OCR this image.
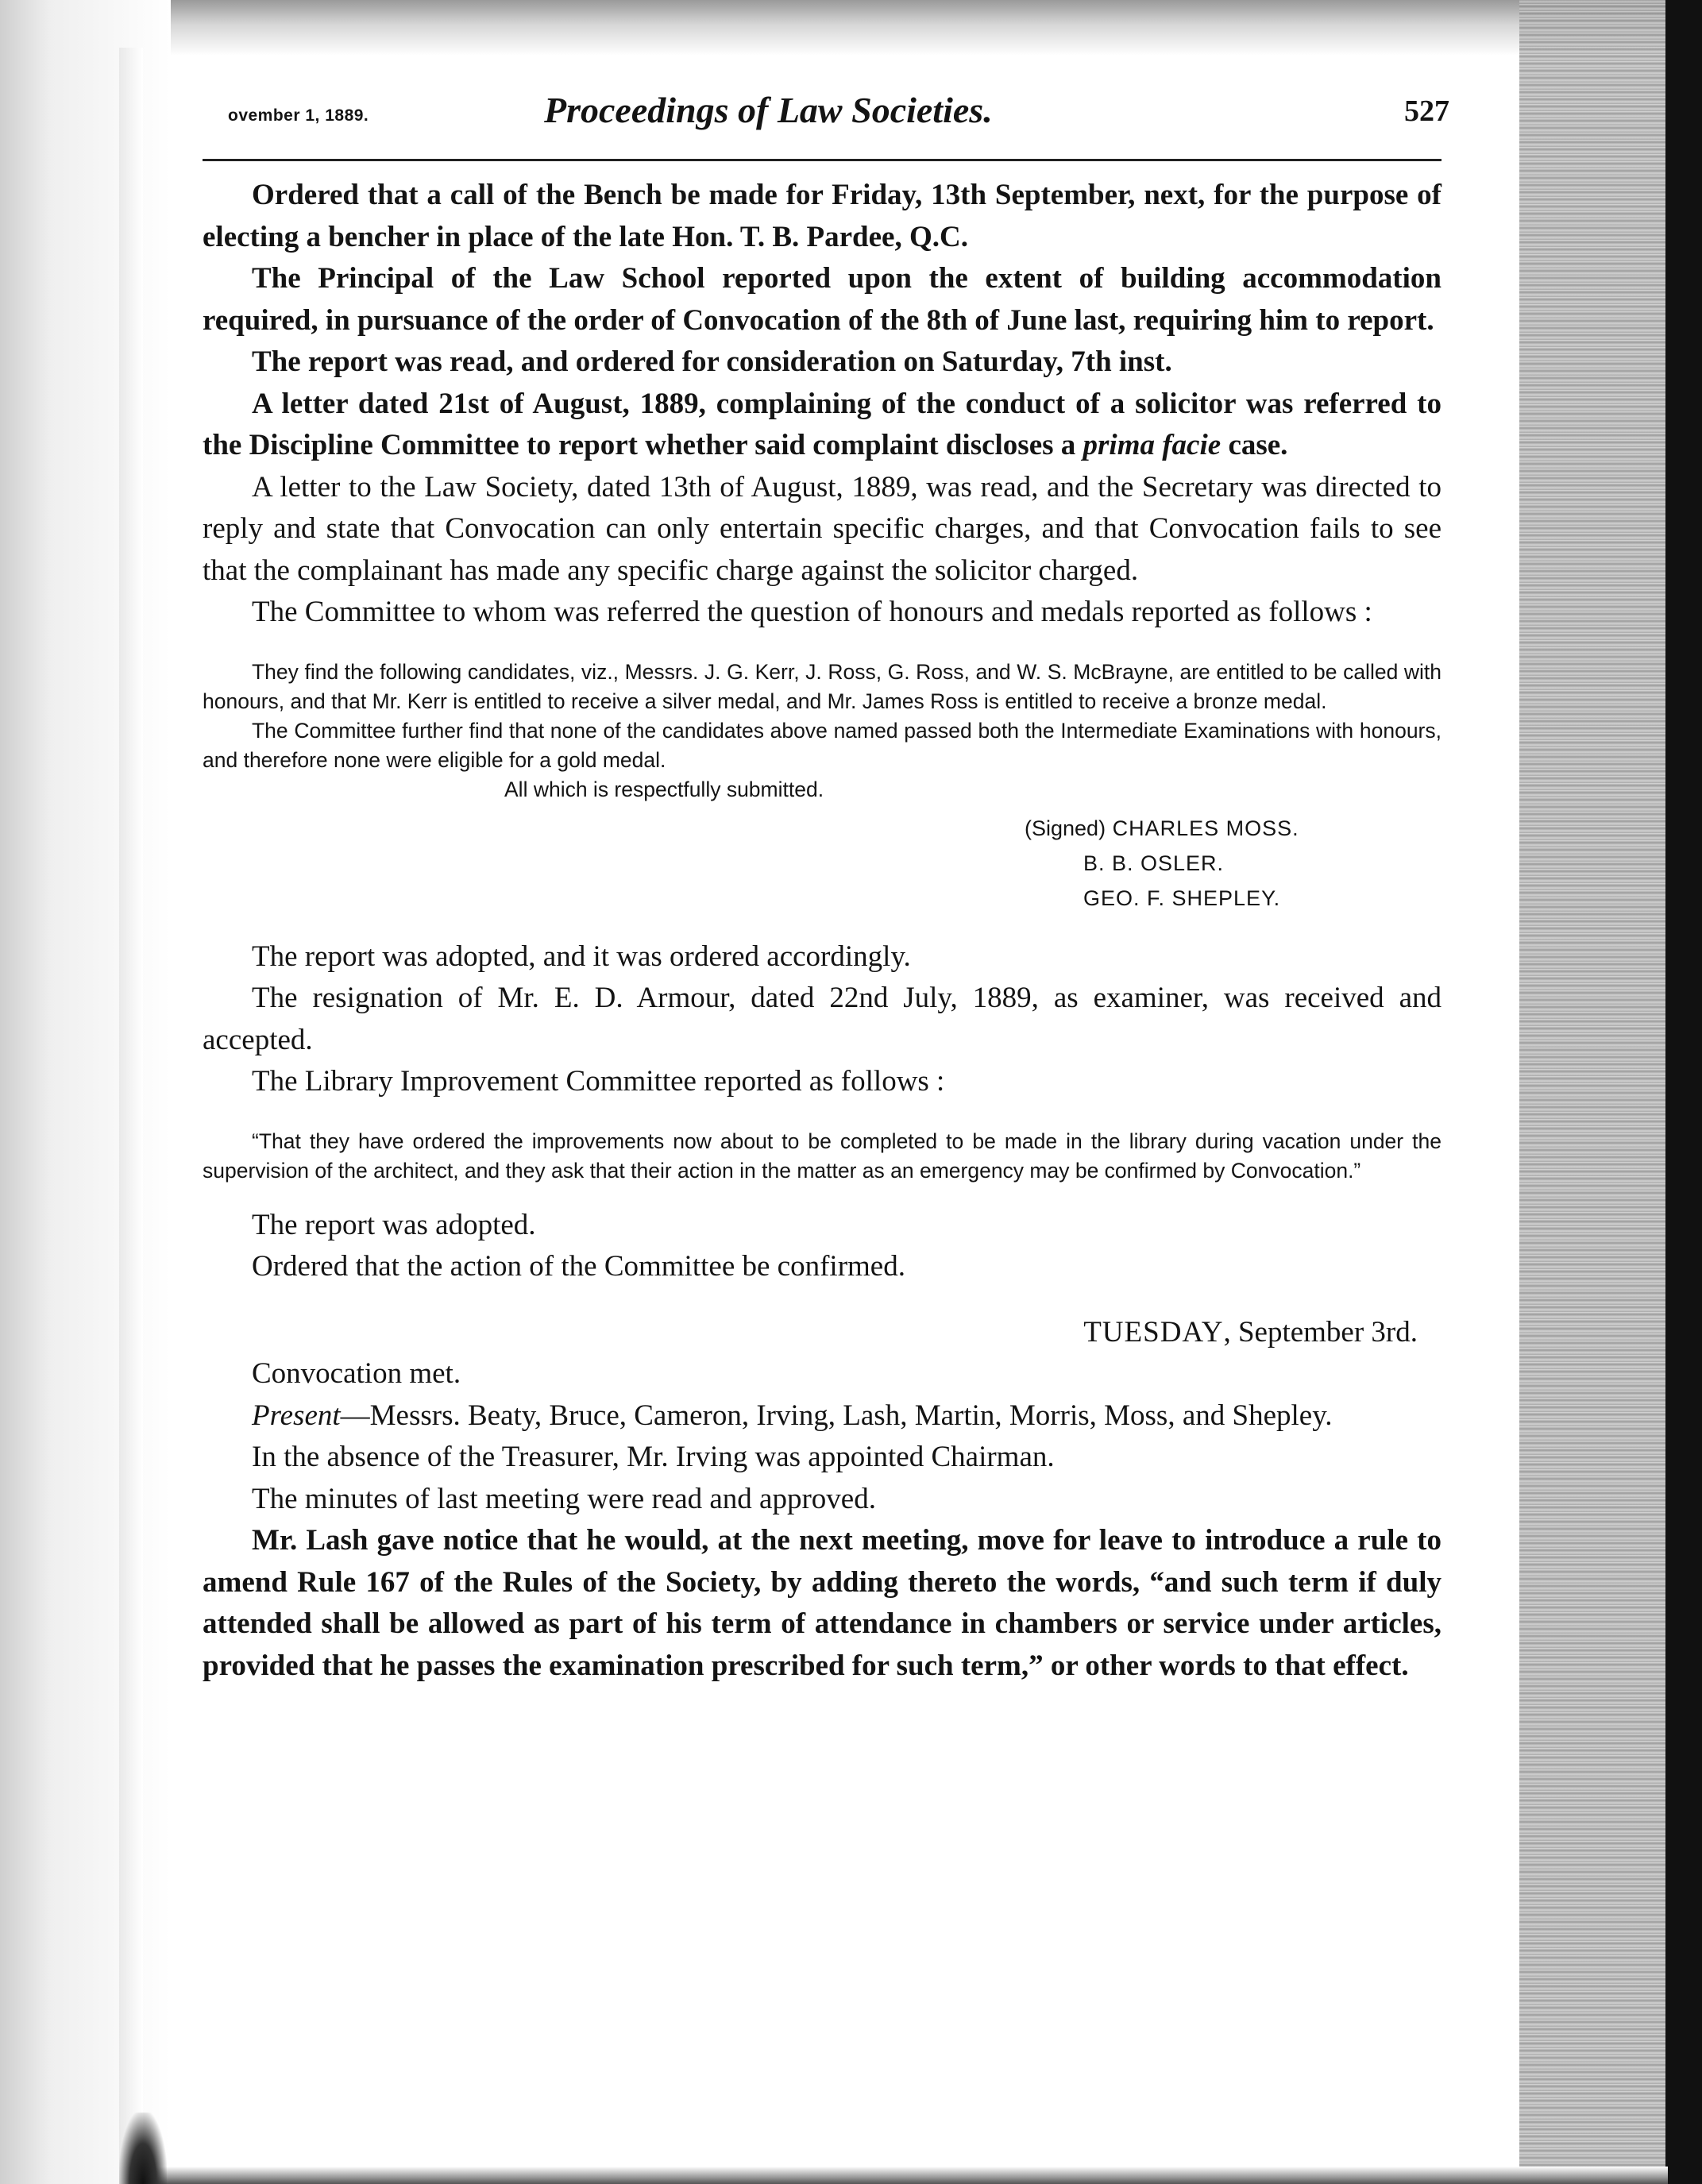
ovember 1, 1889.	Proceedings of Law Societies.	527

Ordered that a call of the Bench be made for Friday, 13th September, next, for the purpose of electing a bencher in place of the late Hon. T. B. Pardee, Q.C.

The Principal of the Law School reported upon the extent of building accommodation required, in pursuance of the order of Convocation of the 8th of June last, requiring him to report.

The report was read, and ordered for consideration on Saturday, 7th inst.

A letter dated 21st of August, 1889, complaining of the conduct of a solicitor was referred to the Discipline Committee to report whether said complaint discloses a prima facie case.

A letter to the Law Society, dated 13th of August, 1889, was read, and the Secretary was directed to reply and state that Convocation can only entertain specific charges, and that Convocation fails to see that the complainant has made any specific charge against the solicitor charged.

The Committee to whom was referred the question of honours and medals reported as follows :

They find the following candidates, viz., Messrs. J. G. Kerr, J. Ross, G. Ross, and W. S. McBrayne, are entitled to be called with honours, and that Mr. Kerr is entitled to receive a silver medal, and Mr. James Ross is entitled to receive a bronze medal.

The Committee further find that none of the candidates above named passed both the Intermediate Examinations with honours, and therefore none were eligible for a gold medal.

All which is respectfully submitted.

(Signed) CHARLES MOSS.
B. B. OSLER.
GEO. F. SHEPLEY.

The report was adopted, and it was ordered accordingly.

The resignation of Mr. E. D. Armour, dated 22nd July, 1889, as examiner, was received and accepted.

The Library Improvement Committee reported as follows :

“That they have ordered the improvements now about to be completed to be made in the library during vacation under the supervision of the architect, and they ask that their action in the matter as an emergency may be confirmed by Convocation.”

The report was adopted.

Ordered that the action of the Committee be confirmed.

TUESDAY, September 3rd.

Convocation met.

Present—Messrs. Beaty, Bruce, Cameron, Irving, Lash, Martin, Morris, Moss, and Shepley.

In the absence of the Treasurer, Mr. Irving was appointed Chairman.

The minutes of last meeting were read and approved.

Mr. Lash gave notice that he would, at the next meeting, move for leave to introduce a rule to amend Rule 167 of the Rules of the Society, by adding thereto the words, “and such term if duly attended shall be allowed as part of his term of attendance in chambers or service under articles, provided that he passes the examination prescribed for such term,” or other words to that effect.
